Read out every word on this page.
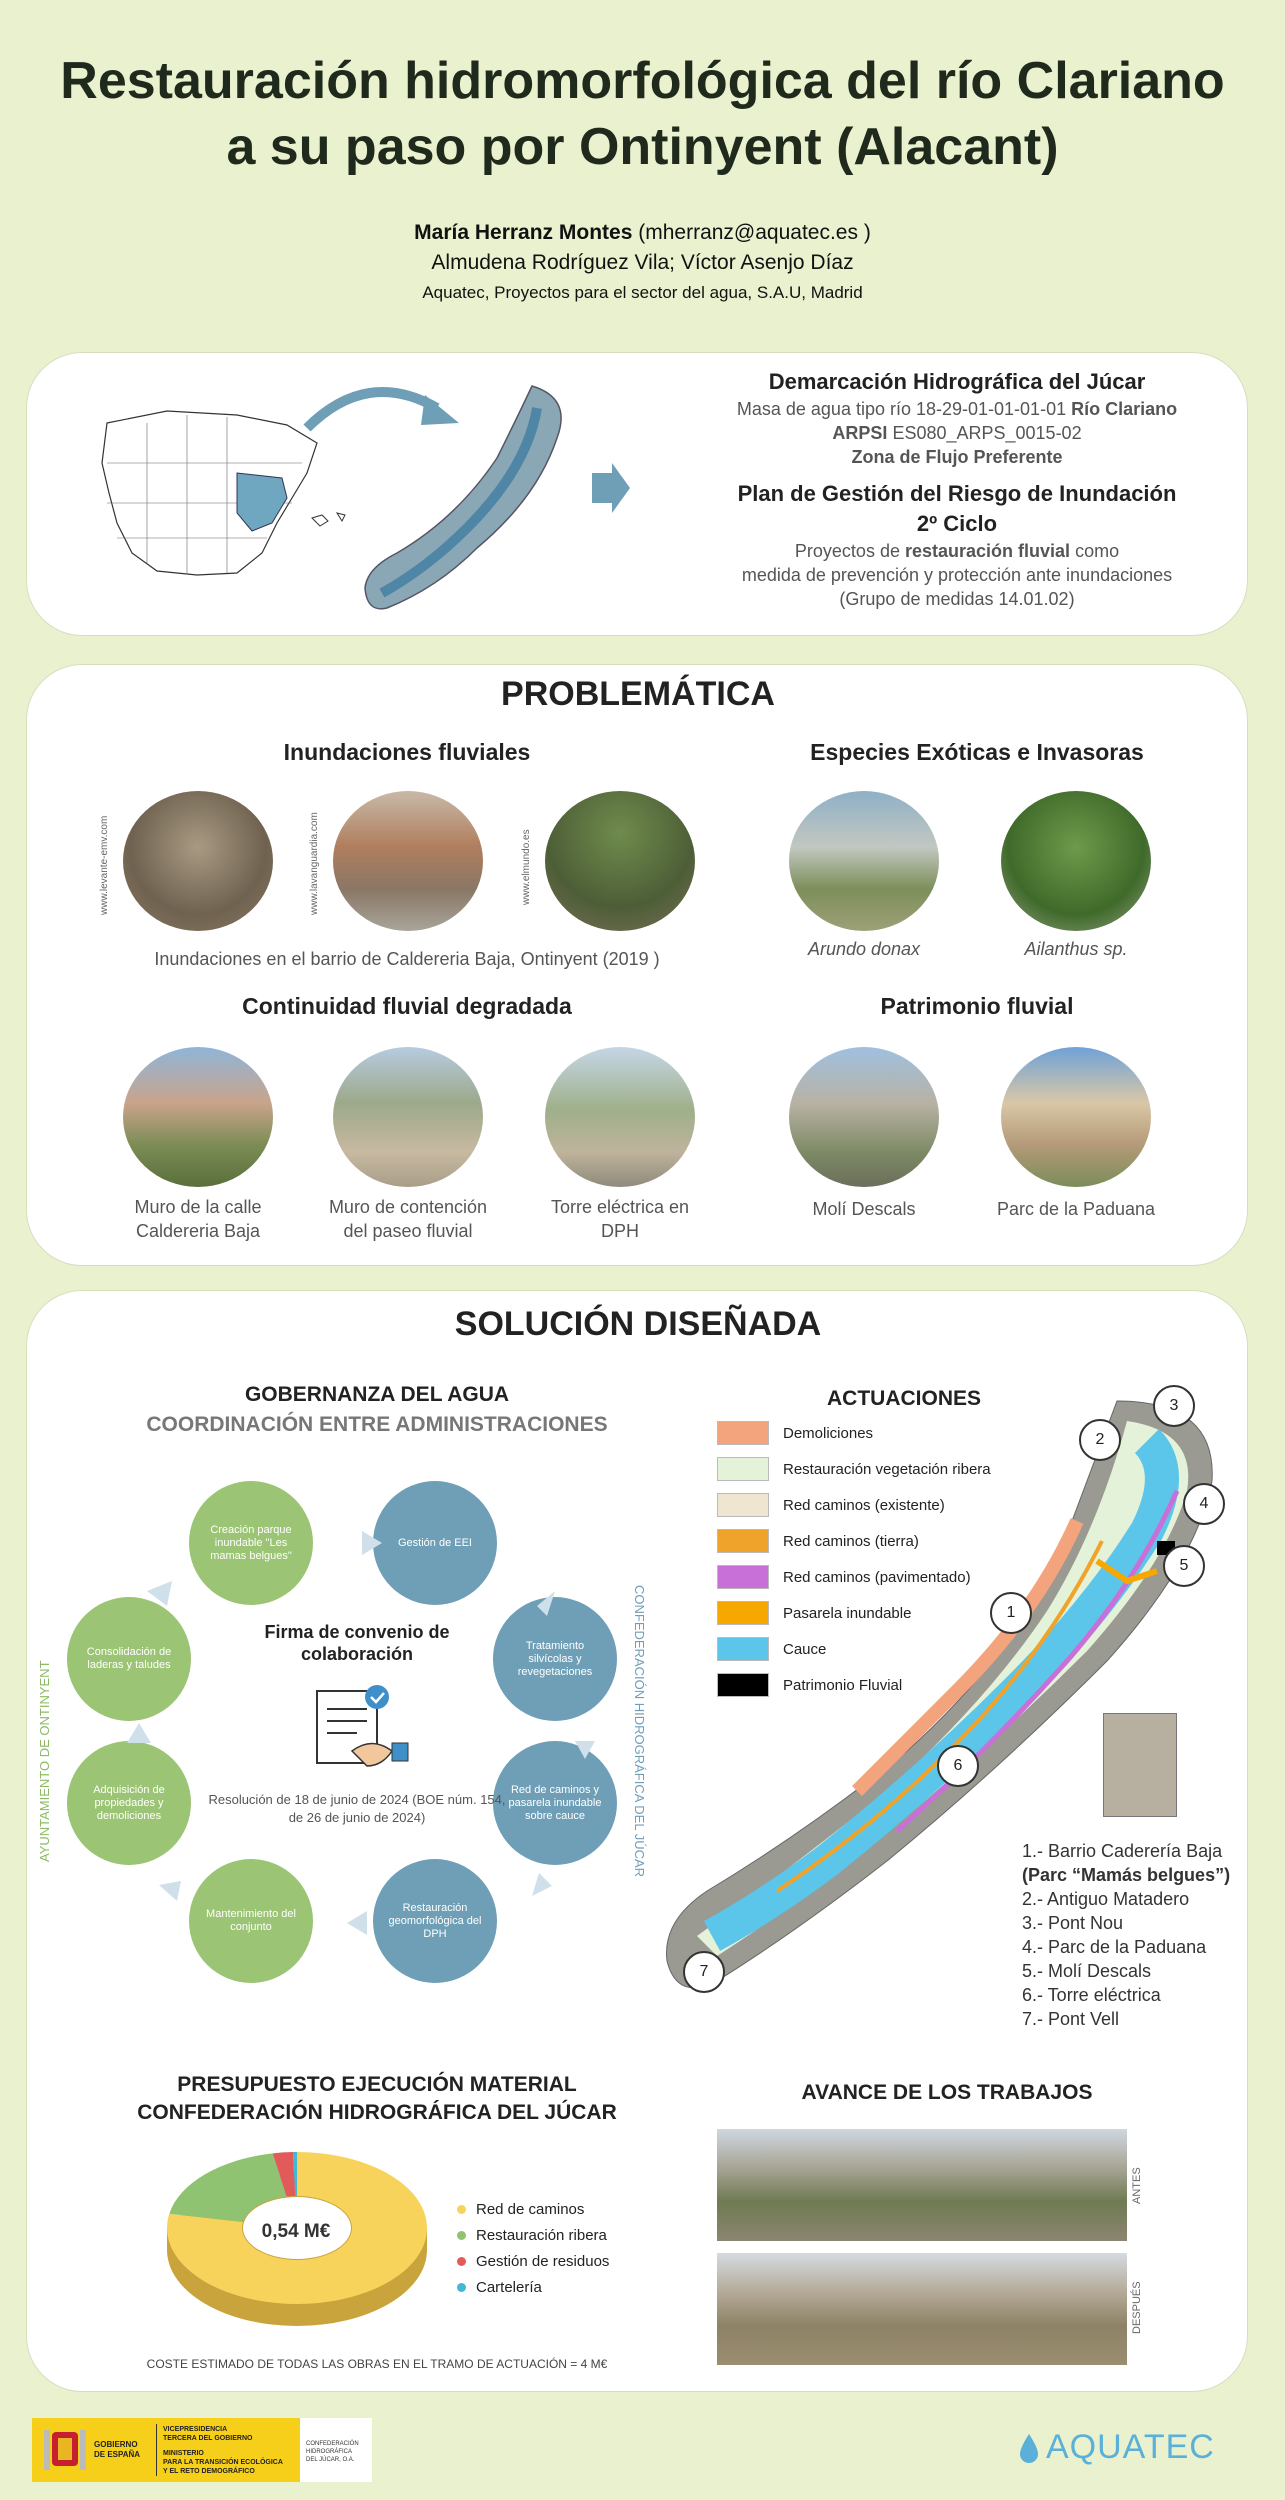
Restauración hidromorfológica del río Clariano
a su paso por Ontinyent (Alacant)
María Herranz Montes (mherranz@aquatec.es )
Almudena Rodríguez Vila; Víctor Asenjo Díaz
Aquatec, Proyectos para el sector del agua, S.A.U, Madrid
Demarcación Hidrográfica del Júcar
Masa de agua tipo río 18-29-01-01-01-01 Río Clariano
ARPSI ES080_ARPS_0015-02
Zona de Flujo Preferente
Plan de Gestión del Riesgo de Inundación
2º Ciclo
Proyectos de restauración fluvial como
medida de prevención y protección ante inundaciones
(Grupo de medidas 14.01.02)
PROBLEMÁTICA
Inundaciones fluviales	Especies Exóticas e Invasoras
www.levante-emv.com	www.lavanguardia.com	www.elmundo.es
Inundaciones en el barrio de Caldereria Baja, Ontinyent (2019 )	Arundo donax	Ailanthus sp.
Continuidad fluvial degradada	Patrimonio fluvial
Muro de la calle
Caldereria Baja
Muro de contención
del paseo fluvial
Torre eléctrica en
DPH
Molí Descals	Parc de la Paduana
SOLUCIÓN DISEÑADA
GOBERNANZA DEL AGUA
COORDINACIÓN ENTRE ADMINISTRACIONES
AYUNTAMIENTO DE ONTINYENT	CONFEDERACIÓN HIDROGRÁFICA DEL JÚCAR
Creación parque inundable "Les mamas belgues"
Gestión de EEI
Tratamiento silvícolas y revegetaciones
Red de caminos y pasarela inundable sobre cauce
Restauración geomorfológica del DPH
Mantenimiento del conjunto
Adquisición de propiedades y demoliciones
Consolidación de laderas y taludes
Firma de convenio de colaboración
Resolución de 18 de junio de 2024 (BOE núm. 154, de 26 de junio de 2024)
ACTUACIONES
Demoliciones
Restauración vegetación ribera
Red caminos (existente)
Red caminos (tierra)
Red caminos (pavimentado)
Pasarela inundable
Cauce
Patrimonio Fluvial
1
2
3
4
5
6
7
1.- Barrio Caderería Baja
(Parc “Mamás belgues”)
2.- Antiguo Matadero
3.- Pont Nou
4.- Parc de la Paduana
5.- Molí Descals
6.- Torre eléctrica
7.- Pont Vell
PRESUPUESTO EJECUCIÓN MATERIAL
CONFEDERACIÓN HIDROGRÁFICA DEL JÚCAR
0,54 M€
Red de caminos
Restauración ribera
Gestión de residuos
Cartelería
COSTE ESTIMADO DE TODAS LAS OBRAS EN EL TRAMO DE ACTUACIÓN = 4 M€
AVANCE DE LOS TRABAJOS
ANTES
DESPUÉS
GOBIERNO
DE ESPAÑA
VICEPRESIDENCIA
TERCERA DEL GOBIERNO
MINISTERIO
PARA LA TRANSICIÓN ECOLÓGICA
Y EL RETO DEMOGRÁFICO
CONFEDERACIÓN
HIDROGRÁFICA
DEL JÚCAR, O.A.	AQUATEC
